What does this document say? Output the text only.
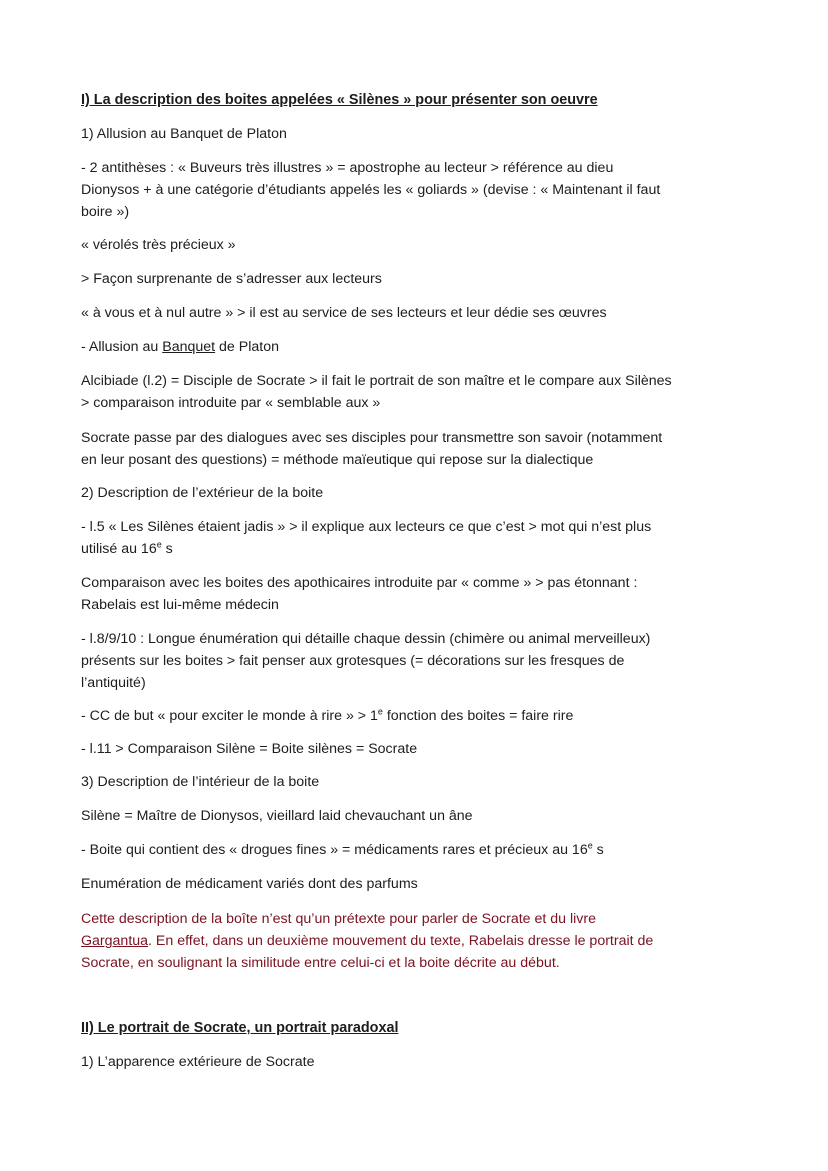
I) La description des boites appelées « Silènes » pour présenter son oeuvre
1) Allusion au Banquet de Platon
- 2 antithèses : « Buveurs très illustres » = apostrophe au lecteur > référence au dieu
Dionysos + à une catégorie d’étudiants appelés les « goliards » (devise : « Maintenant il faut
boire »)
« vérolés très précieux »
> Façon surprenante de s’adresser aux lecteurs
« à vous et à nul autre » > il est au service de ses lecteurs et leur dédie ses œuvres
- Allusion au Banquet de Platon
Alcibiade (l.2) = Disciple de Socrate > il fait le portrait de son maître et le compare aux Silènes
> comparaison introduite par « semblable aux »
Socrate passe par des dialogues avec ses disciples pour transmettre son savoir (notamment
en leur posant des questions) = méthode maïeutique qui repose sur la dialectique
2) Description de l’extérieur de la boite
- l.5 « Les Silènes étaient jadis » > il explique aux lecteurs ce que c’est > mot qui n’est plus
utilisé au 16e s
Comparaison avec les boites des apothicaires introduite par « comme » > pas étonnant :
Rabelais est lui-même médecin
- l.8/9/10 : Longue énumération qui détaille chaque dessin (chimère ou animal merveilleux)
présents sur les boites > fait penser aux grotesques (= décorations sur les fresques de
l’antiquité)
- CC de but « pour exciter le monde à rire » > $1^e$ fonction des boites = faire rire
- l.11 > Comparaison Silène = Boite silènes = Socrate
3) Description de l’intérieur de la boite
Silène = Maître de Dionysos, vieillard laid chevauchant un âne
- Boite qui contient des « drogues fines » = médicaments rares et précieux au 16e s
Enumération de médicament variés dont des parfums
Cette description de la boîte n’est qu’un prétexte pour parler de Socrate et du livre
Gargantua. En effet, dans un deuxième mouvement du texte, Rabelais dresse le portrait de
Socrate, en soulignant la similitude entre celui-ci et la boite décrite au début.
II) Le portrait de Socrate, un portrait paradoxal
1) L’apparence extérieure de Socrate
